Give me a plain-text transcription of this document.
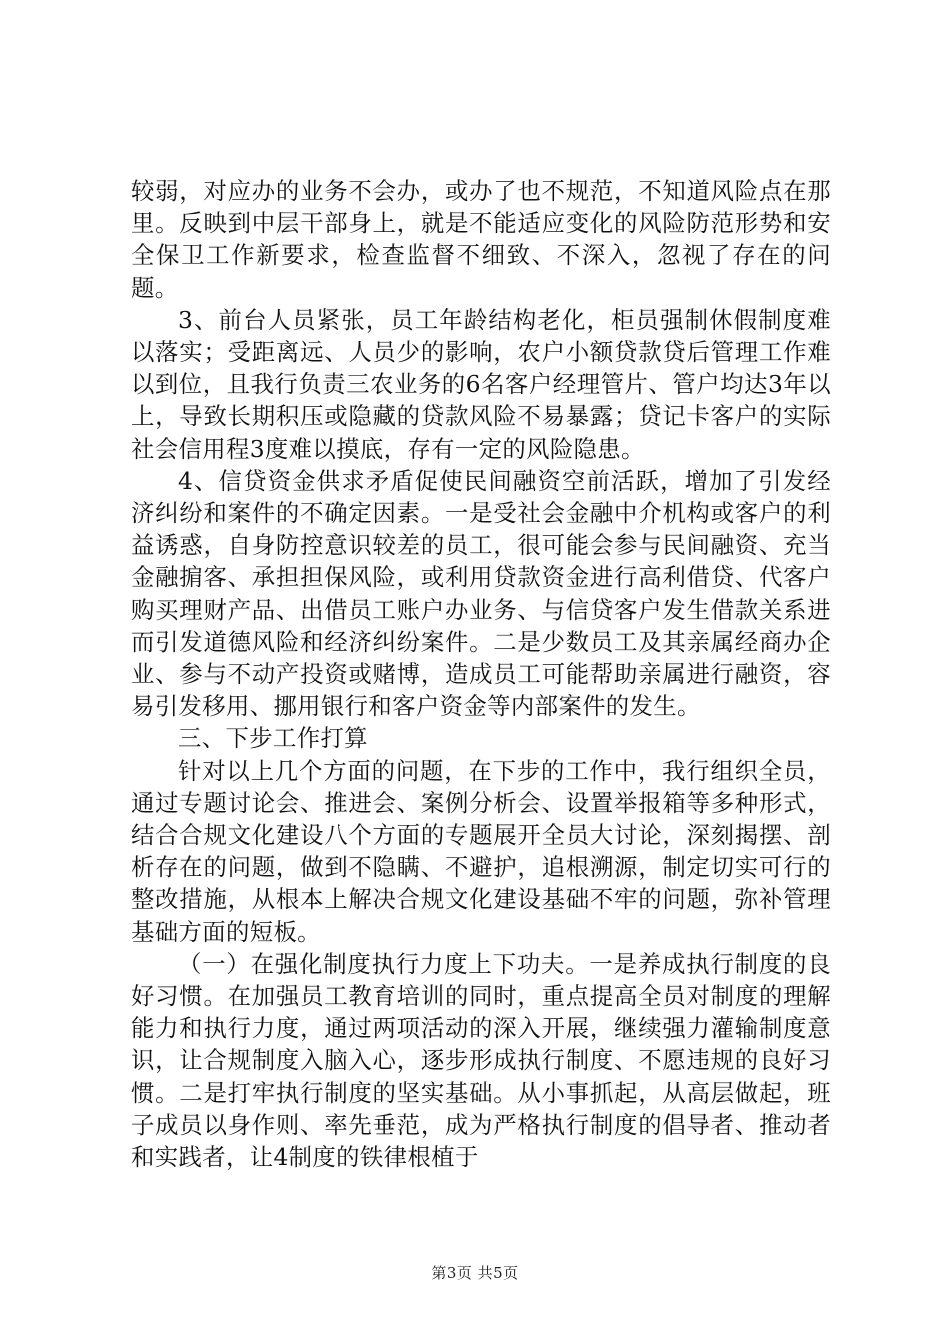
较弱，对应办的业务不会办，或办了也不规范，不知道风险点在那里。反映到中层干部身上，就是不能适应变化的风险防范形势和安全保卫工作新要求，检查监督不细致、不深入，忽视了存在的问题。

3、前台人员紧张，员工年龄结构老化，柜员强制休假制度难以落实；受距离远、人员少的影响，农户小额贷款贷后管理工作难以到位，且我行负责三农业务的6名客户经理管片、管户均达3年以上，导致长期积压或隐藏的贷款风险不易暴露；贷记卡客户的实际社会信用程3度难以摸底，存有一定的风险隐患。

4、信贷资金供求矛盾促使民间融资空前活跃，增加了引发经济纠纷和案件的不确定因素。一是受社会金融中介机构或客户的利益诱惑，自身防控意识较差的员工，很可能会参与民间融资、充当金融掮客、承担担保风险，或利用贷款资金进行高利借贷、代客户购买理财产品、出借员工账户办业务、与信贷客户发生借款关系进而引发道德风险和经济纠纷案件。二是少数员工及其亲属经商办企业、参与不动产投资或赌博，造成员工可能帮助亲属进行融资，容易引发移用、挪用银行和客户资金等内部案件的发生。

三、下步工作打算

针对以上几个方面的问题，在下步的工作中，我行组织全员，通过专题讨论会、推进会、案例分析会、设置举报箱等多种形式，结合合规文化建设八个方面的专题展开全员大讨论，深刻揭摆、剖析存在的问题，做到不隐瞒、不避护，追根溯源，制定切实可行的整改措施，从根本上解决合规文化建设基础不牢的问题，弥补管理基础方面的短板。

（一）在强化制度执行力度上下功夫。一是养成执行制度的良好习惯。在加强员工教育培训的同时，重点提高全员对制度的理解能力和执行力度，通过两项活动的深入开展，继续强力灌输制度意识，让合规制度入脑入心，逐步形成执行制度、不愿违规的良好习惯。二是打牢执行制度的坚实基础。从小事抓起，从高层做起，班子成员以身作则、率先垂范，成为严格执行制度的倡导者、推动者和实践者，让4制度的铁律根植于

第3页 共5页
